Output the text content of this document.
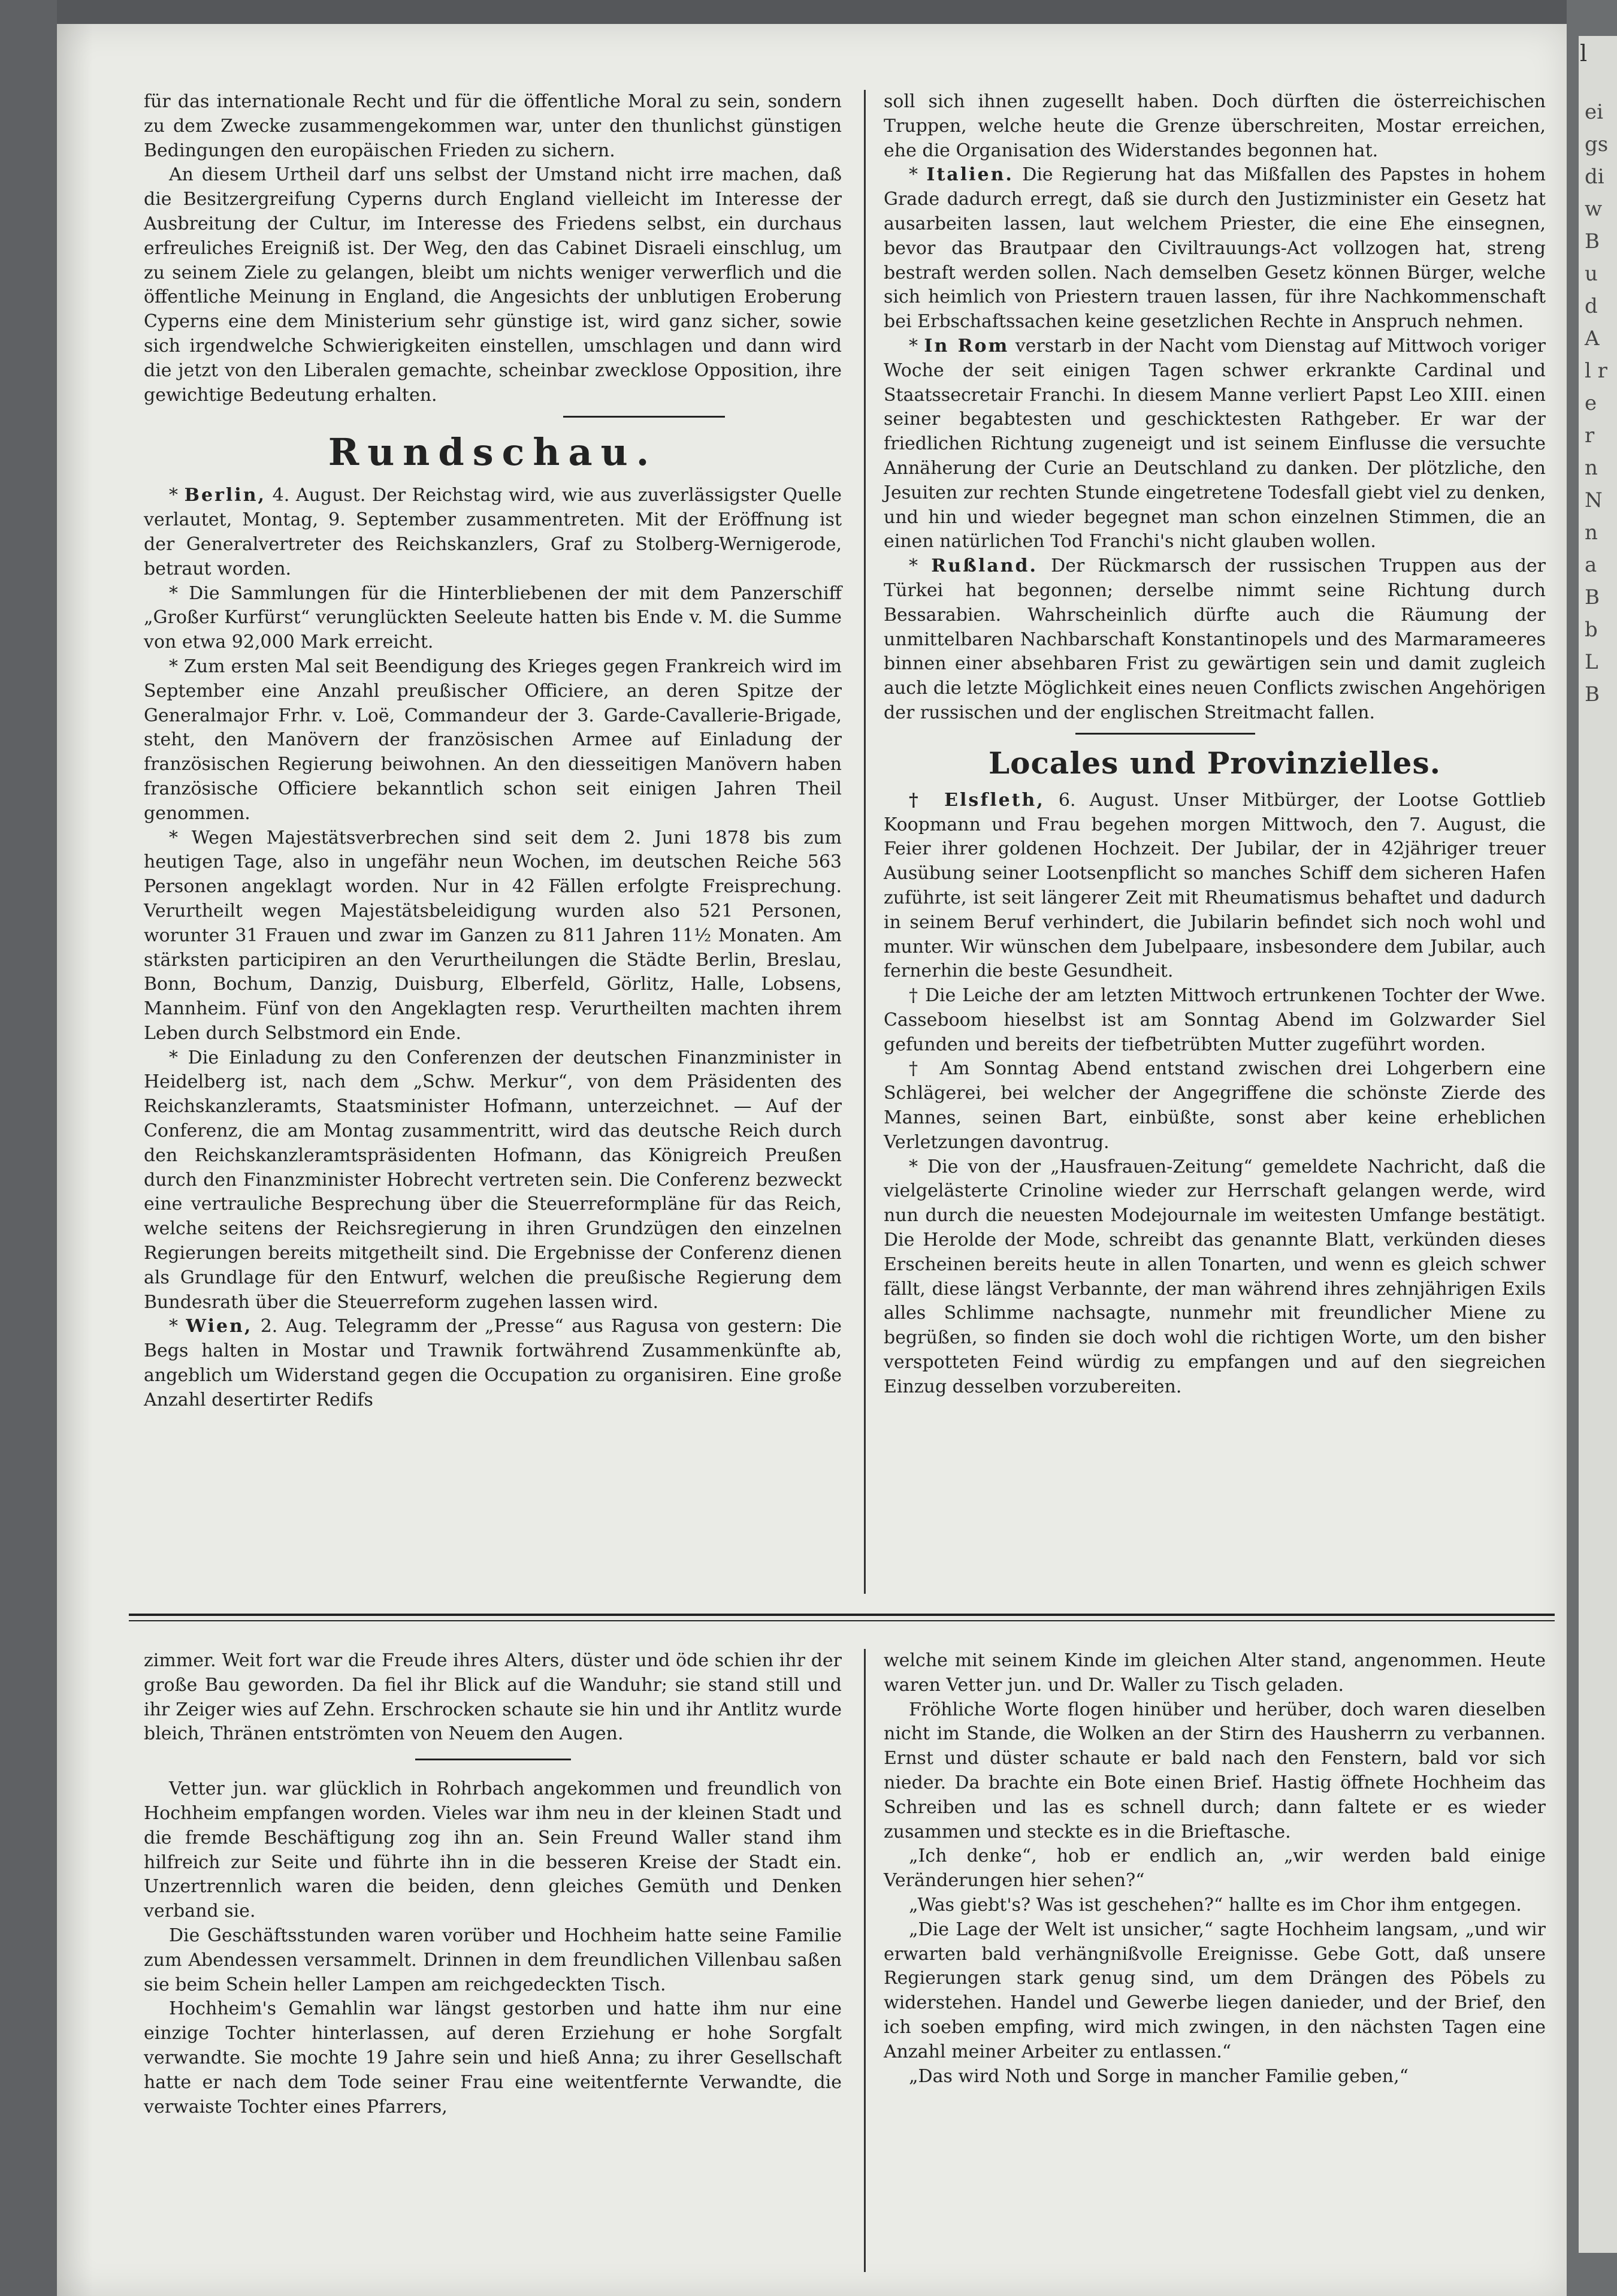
l
ei gs di w B u d A l r e r n N n a B b L B

für das internationale Recht und für die öffentliche Moral zu sein, sondern zu dem Zwecke zusammengekommen war, unter den thunlichst günstigen Bedingungen den europäischen Frieden zu sichern.

An diesem Urtheil darf uns selbst der Umstand nicht irre machen, daß die Besitzergreifung Cyperns durch England vielleicht im Interesse der Ausbreitung der Cultur, im Interesse des Friedens selbst, ein durchaus erfreuliches Ereigniß ist. Der Weg, den das Cabinet Disraeli einschlug, um zu seinem Ziele zu gelangen, bleibt um nichts weniger verwerflich und die öffentliche Meinung in England, die Angesichts der unblutigen Eroberung Cyperns eine dem Ministerium sehr günstige ist, wird ganz sicher, sowie sich irgendwelche Schwierigkeiten einstellen, umschlagen und dann wird die jetzt von den Liberalen gemachte, scheinbar zwecklose Opposition, ihre gewichtige Bedeutung erhalten.

Rundschau.

* Berlin, 4. August. Der Reichstag wird, wie aus zuverlässigster Quelle verlautet, Montag, 9. September zusammentreten. Mit der Eröffnung ist der Generalvertreter des Reichskanzlers, Graf zu Stolberg-Wernigerode, betraut worden.

* Die Sammlungen für die Hinterbliebenen der mit dem Panzerschiff „Großer Kurfürst“ verunglückten Seeleute hatten bis Ende v. M. die Summe von etwa 92,000 Mark erreicht.

* Zum ersten Mal seit Beendigung des Krieges gegen Frankreich wird im September eine Anzahl preußischer Officiere, an deren Spitze der Generalmajor Frhr. v. Loë, Commandeur der 3. Garde-Cavallerie-Brigade, steht, den Manövern der französischen Armee auf Einladung der französischen Regierung beiwohnen. An den diesseitigen Manövern haben französische Officiere bekanntlich schon seit einigen Jahren Theil genommen.

* Wegen Majestätsverbrechen sind seit dem 2. Juni 1878 bis zum heutigen Tage, also in ungefähr neun Wochen, im deutschen Reiche 563 Personen angeklagt worden. Nur in 42 Fällen erfolgte Freisprechung. Verurtheilt wegen Majestätsbeleidigung wurden also 521 Personen, worunter 31 Frauen und zwar im Ganzen zu 811 Jahren 11½ Monaten. Am stärksten participiren an den Verurtheilungen die Städte Berlin, Breslau, Bonn, Bochum, Danzig, Duisburg, Elberfeld, Görlitz, Halle, Lobsens, Mannheim. Fünf von den Angeklagten resp. Verurtheilten machten ihrem Leben durch Selbstmord ein Ende.

* Die Einladung zu den Conferenzen der deutschen Finanzminister in Heidelberg ist, nach dem „Schw. Merkur“, von dem Präsidenten des Reichskanzleramts, Staatsminister Hofmann, unterzeichnet. — Auf der Conferenz, die am Montag zusammentritt, wird das deutsche Reich durch den Reichskanzleramtspräsidenten Hofmann, das Königreich Preußen durch den Finanzminister Hobrecht vertreten sein. Die Conferenz bezweckt eine vertrauliche Besprechung über die Steuerreformpläne für das Reich, welche seitens der Reichsregierung in ihren Grundzügen den einzelnen Regierungen bereits mitgetheilt sind. Die Ergebnisse der Conferenz dienen als Grundlage für den Entwurf, welchen die preußische Regierung dem Bundesrath über die Steuerreform zugehen lassen wird.

* Wien, 2. Aug. Telegramm der „Presse“ aus Ragusa von gestern: Die Begs halten in Mostar und Trawnik fortwährend Zusammenkünfte ab, angeblich um Widerstand gegen die Occupation zu organisiren. Eine große Anzahl desertirter Redifs

soll sich ihnen zugesellt haben. Doch dürften die österreichischen Truppen, welche heute die Grenze überschreiten, Mostar erreichen, ehe die Organisation des Widerstandes begonnen hat.

* Italien. Die Regierung hat das Mißfallen des Papstes in hohem Grade dadurch erregt, daß sie durch den Justizminister ein Gesetz hat ausarbeiten lassen, laut welchem Priester, die eine Ehe einsegnen, bevor das Brautpaar den Civiltrauungs-Act vollzogen hat, streng bestraft werden sollen. Nach demselben Gesetz können Bürger, welche sich heimlich von Priestern trauen lassen, für ihre Nachkommenschaft bei Erbschaftssachen keine gesetzlichen Rechte in Anspruch nehmen.

* In Rom verstarb in der Nacht vom Dienstag auf Mittwoch voriger Woche der seit einigen Tagen schwer erkrankte Cardinal und Staatssecretair Franchi. In diesem Manne verliert Papst Leo XIII. einen seiner begabtesten und geschicktesten Rathgeber. Er war der friedlichen Richtung zugeneigt und ist seinem Einflusse die versuchte Annäherung der Curie an Deutschland zu danken. Der plötzliche, den Jesuiten zur rechten Stunde eingetretene Todesfall giebt viel zu denken, und hin und wieder begegnet man schon einzelnen Stimmen, die an einen natürlichen Tod Franchi's nicht glauben wollen.

* Rußland. Der Rückmarsch der russischen Truppen aus der Türkei hat begonnen; derselbe nimmt seine Richtung durch Bessarabien. Wahrscheinlich dürfte auch die Räumung der unmittelbaren Nachbarschaft Konstantinopels und des Marmarameeres binnen einer absehbaren Frist zu gewärtigen sein und damit zugleich auch die letzte Möglichkeit eines neuen Conflicts zwischen Angehörigen der russischen und der englischen Streitmacht fallen.

Locales und Provinzielles.

† Elsfleth, 6. August. Unser Mitbürger, der Lootse Gottlieb Koopmann und Frau begehen morgen Mittwoch, den 7. August, die Feier ihrer goldenen Hochzeit. Der Jubilar, der in 42jähriger treuer Ausübung seiner Lootsenpflicht so manches Schiff dem sicheren Hafen zuführte, ist seit längerer Zeit mit Rheumatismus behaftet und dadurch in seinem Beruf verhindert, die Jubilarin befindet sich noch wohl und munter. Wir wünschen dem Jubelpaare, insbesondere dem Jubilar, auch fernerhin die beste Gesundheit.

† Die Leiche der am letzten Mittwoch ertrunkenen Tochter der Wwe. Casseboom hieselbst ist am Sonntag Abend im Golzwarder Siel gefunden und bereits der tiefbetrübten Mutter zugeführt worden.

† Am Sonntag Abend entstand zwischen drei Lohgerbern eine Schlägerei, bei welcher der Angegriffene die schönste Zierde des Mannes, seinen Bart, einbüßte, sonst aber keine erheblichen Verletzungen davontrug.

* Die von der „Hausfrauen-Zeitung“ gemeldete Nachricht, daß die vielgelästerte Crinoline wieder zur Herrschaft gelangen werde, wird nun durch die neuesten Modejournale im weitesten Umfange bestätigt. Die Herolde der Mode, schreibt das genannte Blatt, verkünden dieses Erscheinen bereits heute in allen Tonarten, und wenn es gleich schwer fällt, diese längst Verbannte, der man während ihres zehnjährigen Exils alles Schlimme nachsagte, nunmehr mit freundlicher Miene zu begrüßen, so finden sie doch wohl die richtigen Worte, um den bisher verspotteten Feind würdig zu empfangen und auf den siegreichen Einzug desselben vorzubereiten.

zimmer. Weit fort war die Freude ihres Alters, düster und öde schien ihr der große Bau geworden. Da fiel ihr Blick auf die Wanduhr; sie stand still und ihr Zeiger wies auf Zehn. Erschrocken schaute sie hin und ihr Antlitz wurde bleich, Thränen entströmten von Neuem den Augen.

Vetter jun. war glücklich in Rohrbach angekommen und freundlich von Hochheim empfangen worden. Vieles war ihm neu in der kleinen Stadt und die fremde Beschäftigung zog ihn an. Sein Freund Waller stand ihm hilfreich zur Seite und führte ihn in die besseren Kreise der Stadt ein. Unzertrennlich waren die beiden, denn gleiches Gemüth und Denken verband sie.

Die Geschäftsstunden waren vorüber und Hochheim hatte seine Familie zum Abendessen versammelt. Drinnen in dem freundlichen Villenbau saßen sie beim Schein heller Lampen am reichgedeckten Tisch.

Hochheim's Gemahlin war längst gestorben und hatte ihm nur eine einzige Tochter hinterlassen, auf deren Erziehung er hohe Sorgfalt verwandte. Sie mochte 19 Jahre sein und hieß Anna; zu ihrer Gesellschaft hatte er nach dem Tode seiner Frau eine weitentfernte Verwandte, die verwaiste Tochter eines Pfarrers,

welche mit seinem Kinde im gleichen Alter stand, angenommen. Heute waren Vetter jun. und Dr. Waller zu Tisch geladen.

Fröhliche Worte flogen hinüber und herüber, doch waren dieselben nicht im Stande, die Wolken an der Stirn des Hausherrn zu verbannen. Ernst und düster schaute er bald nach den Fenstern, bald vor sich nieder. Da brachte ein Bote einen Brief. Hastig öffnete Hochheim das Schreiben und las es schnell durch; dann faltete er es wieder zusammen und steckte es in die Brieftasche.

„Ich denke“, hob er endlich an, „wir werden bald einige Veränderungen hier sehen?“

„Was giebt's? Was ist geschehen?“ hallte es im Chor ihm entgegen.

„Die Lage der Welt ist unsicher,“ sagte Hochheim langsam, „und wir erwarten bald verhängnißvolle Ereignisse. Gebe Gott, daß unsere Regierungen stark genug sind, um dem Drängen des Pöbels zu widerstehen. Handel und Gewerbe liegen danieder, und der Brief, den ich soeben empfing, wird mich zwingen, in den nächsten Tagen eine Anzahl meiner Arbeiter zu entlassen.“

„Das wird Noth und Sorge in mancher Familie geben,“
